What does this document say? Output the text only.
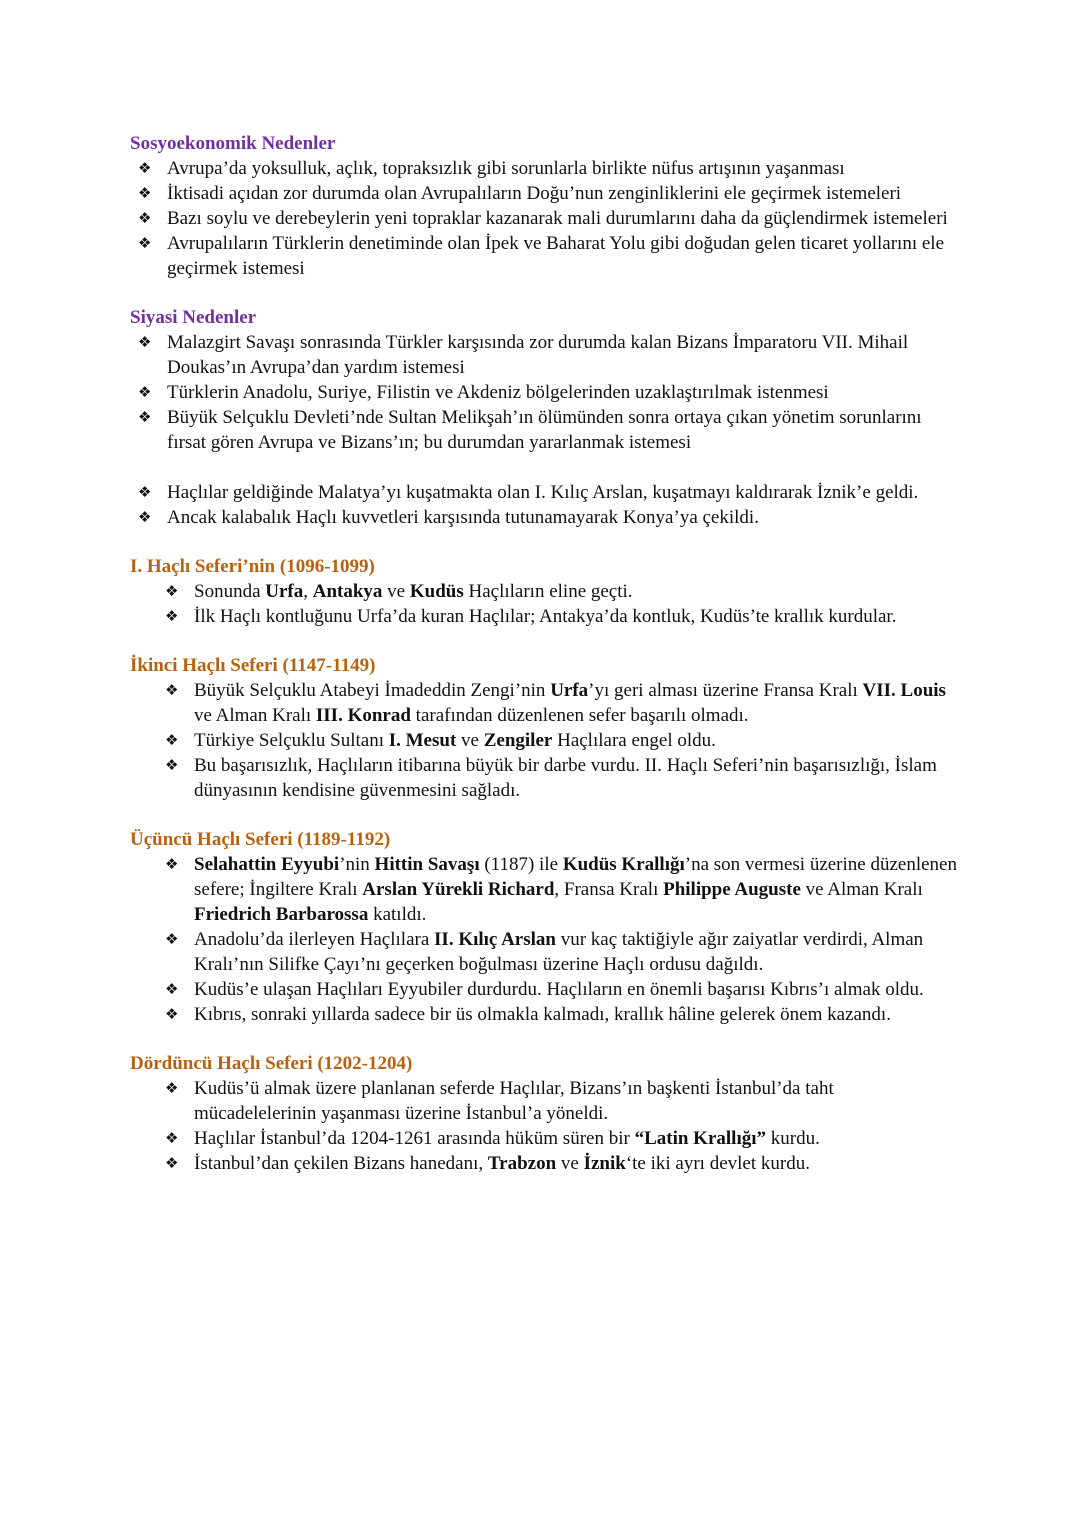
Sosyoekonomik Nedenler
❖ Avrupa’da yoksulluk, açlık, topraksızlık gibi sorunlarla birlikte nüfus artışının yaşanması
❖ İktisadi açıdan zor durumda olan Avrupalıların Doğu’nun zenginliklerini ele geçirmek istemeleri
❖ Bazı soylu ve derebeylerin yeni topraklar kazanarak mali durumlarını daha da güçlendirmek istemeleri
❖ Avrupalıların Türklerin denetiminde olan İpek ve Baharat Yolu gibi doğudan gelen ticaret yollarını ele geçirmek istemesi
Siyasi Nedenler
❖ Malazgirt Savaşı sonrasında Türkler karşısında zor durumda kalan Bizans İmparatoru VII. Mihail Doukas’ın Avrupa’dan yardım istemesi
❖ Türklerin Anadolu, Suriye, Filistin ve Akdeniz bölgelerinden uzaklaştırılmak istenmesi
❖ Büyük Selçuklu Devleti’nde Sultan Melikşah’ın ölümünden sonra ortaya çıkan yönetim sorunlarını fırsat gören Avrupa ve Bizans’ın; bu durumdan yararlanmak istemesi
❖ Haçlılar geldiğinde Malatya’yı kuşatmakta olan I. Kılıç Arslan, kuşatmayı kaldırarak İznik’e geldi.
❖ Ancak kalabalık Haçlı kuvvetleri karşısında tutunamayarak Konya’ya çekildi.
I. Haçlı Seferi’nin (1096-1099)
❖ Sonunda Urfa, Antakya ve Kudüs Haçlıların eline geçti.
❖ İlk Haçlı kontluğunu Urfa’da kuran Haçlılar; Antakya’da kontluk, Kudüs’te krallık kurdular.
İkinci Haçlı Seferi (1147-1149)
❖ Büyük Selçuklu Atabeyi İmadeddin Zengi’nin Urfa’yı geri alması üzerine Fransa Kralı VII. Louis ve Alman Kralı III. Konrad tarafından düzenlenen sefer başarılı olmadı.
❖ Türkiye Selçuklu Sultanı I. Mesut ve Zengiler Haçlılara engel oldu.
❖ Bu başarısızlık, Haçlıların itibarına büyük bir darbe vurdu. II. Haçlı Seferi’nin başarısızlığı, İslam dünyasının kendisine güvenmesini sağladı.
Üçüncü Haçlı Seferi (1189-1192)
❖ Selahattin Eyyubi’nin Hittin Savaşı (1187) ile Kudüs Krallığı’na son vermesi üzerine düzenlenen sefere; İngiltere Kralı Arslan Yürekli Richard, Fransa Kralı Philippe Auguste ve Alman Kralı Friedrich Barbarossa katıldı.
❖ Anadolu’da ilerleyen Haçlılara II. Kılıç Arslan vur kaç taktiğiyle ağır zaiyatlar verdirdi, Alman Kralı’nın Silifke Çayı’nı geçerken boğulması üzerine Haçlı ordusu dağıldı.
❖ Kudüs’e ulaşan Haçlıları Eyyubiler durdurdu. Haçlıların en önemli başarısı Kıbrıs’ı almak oldu.
❖ Kıbrıs, sonraki yıllarda sadece bir üs olmakla kalmadı, krallık hâline gelerek önem kazandı.
Dördüncü Haçlı Seferi (1202-1204)
❖ Kudüs’ü almak üzere planlanan seferde Haçlılar, Bizans’ın başkenti İstanbul’da taht mücadelelerinin yaşanması üzerine İstanbul’a yöneldi.
❖ Haçlılar İstanbul’da 1204-1261 arasında hüküm süren bir “Latin Krallığı” kurdu.
❖ İstanbul’dan çekilen Bizans hanedanı, Trabzon ve İznik‘te iki ayrı devlet kurdu.
